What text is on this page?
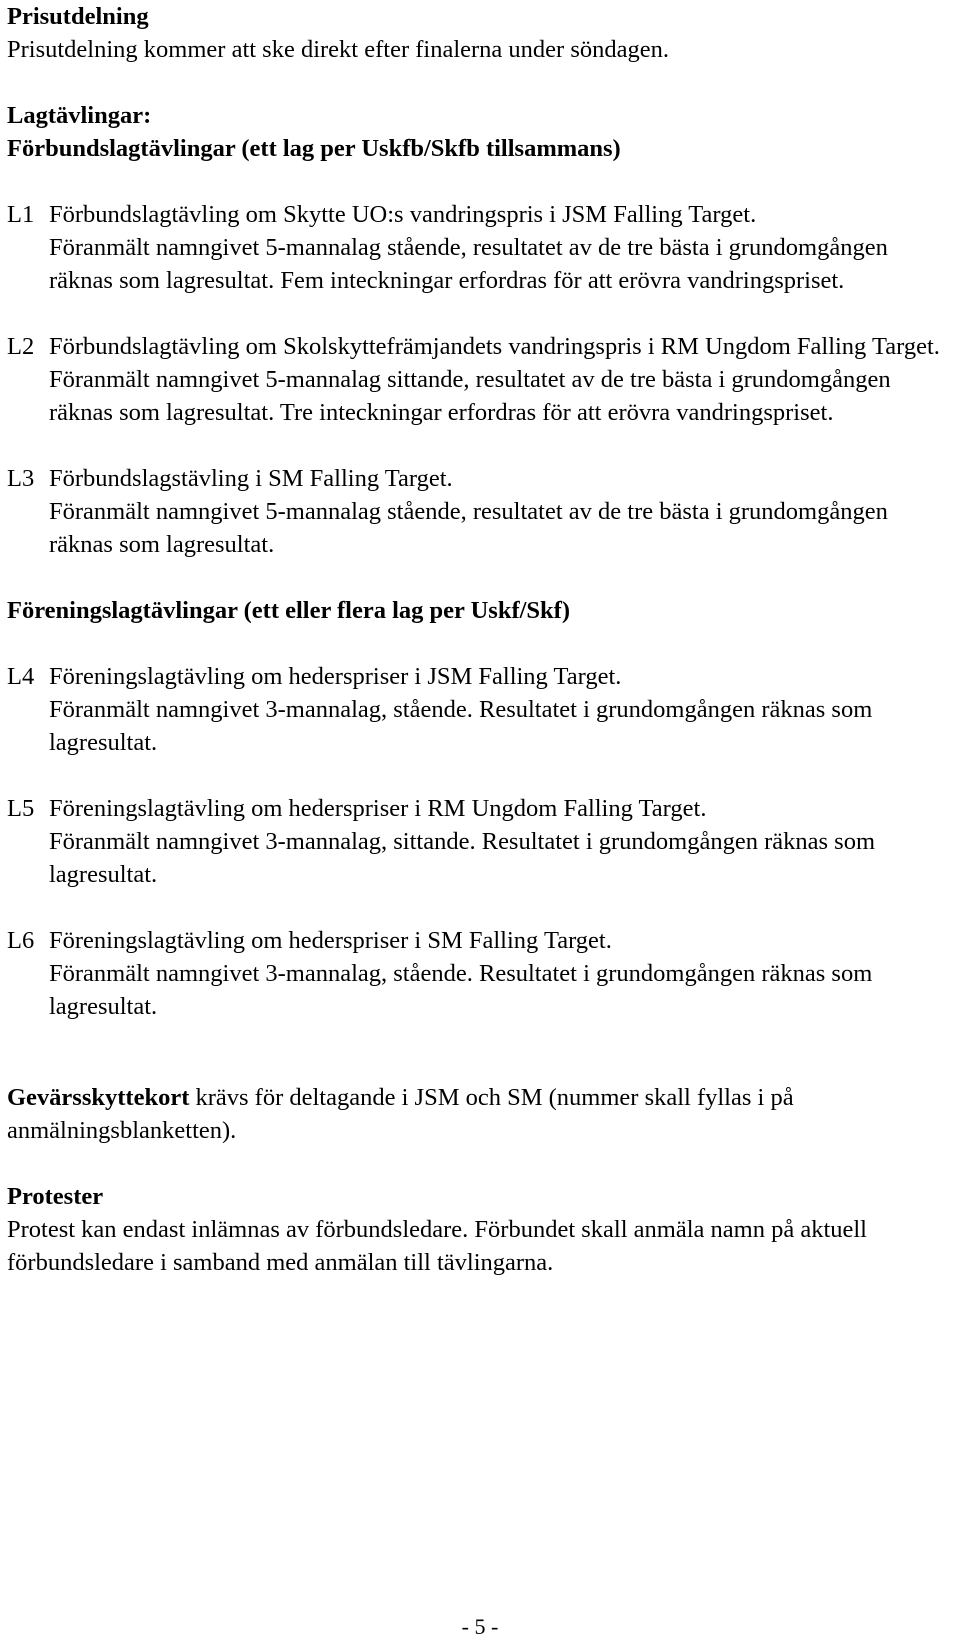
Prisutdelning
Prisutdelning kommer att ske direkt efter finalerna under söndagen.
Lagtävlingar:
Förbundslagtävlingar (ett lag per Uskfb/Skfb tillsammans)
L1 Förbundslagtävling om Skytte UO:s vandringspris i JSM Falling Target.
Föranmält namngivet 5-mannalag stående, resultatet av de tre bästa i grundomgången räknas som lagresultat. Fem inteckningar erfordras för att erövra vandringspriset.
L2 Förbundslagtävling om Skolskyttefrämjandets vandringspris i RM Ungdom Falling Target.
Föranmält namngivet 5-mannalag sittande, resultatet av de tre bästa i grundomgången räknas som lagresultat. Tre inteckningar erfordras för att erövra vandringspriset.
L3 Förbundslagstävling i SM Falling Target.
Föranmält namngivet 5-mannalag stående, resultatet av de tre bästa i grundomgången räknas som lagresultat.
Föreningslagtävlingar (ett eller flera lag per Uskf/Skf)
L4 Föreningslagtävling om hederspriser i JSM Falling Target.
Föranmält namngivet 3-mannalag, stående. Resultatet i grundomgången räknas som lagresultat.
L5 Föreningslagtävling om hederspriser i RM Ungdom Falling Target.
Föranmält namngivet 3-mannalag, sittande. Resultatet i grundomgången räknas som lagresultat.
L6 Föreningslagtävling om hederspriser i SM Falling Target.
Föranmält namngivet 3-mannalag, stående. Resultatet i grundomgången räknas som lagresultat.
Gevärsskyttekort krävs för deltagande i JSM och SM (nummer skall fyllas i på anmälningsblanketten).
Protester
Protest kan endast inlämnas av förbundsledare. Förbundet skall anmäla namn på aktuell förbundsledare i samband med anmälan till tävlingarna.
- 5 -
